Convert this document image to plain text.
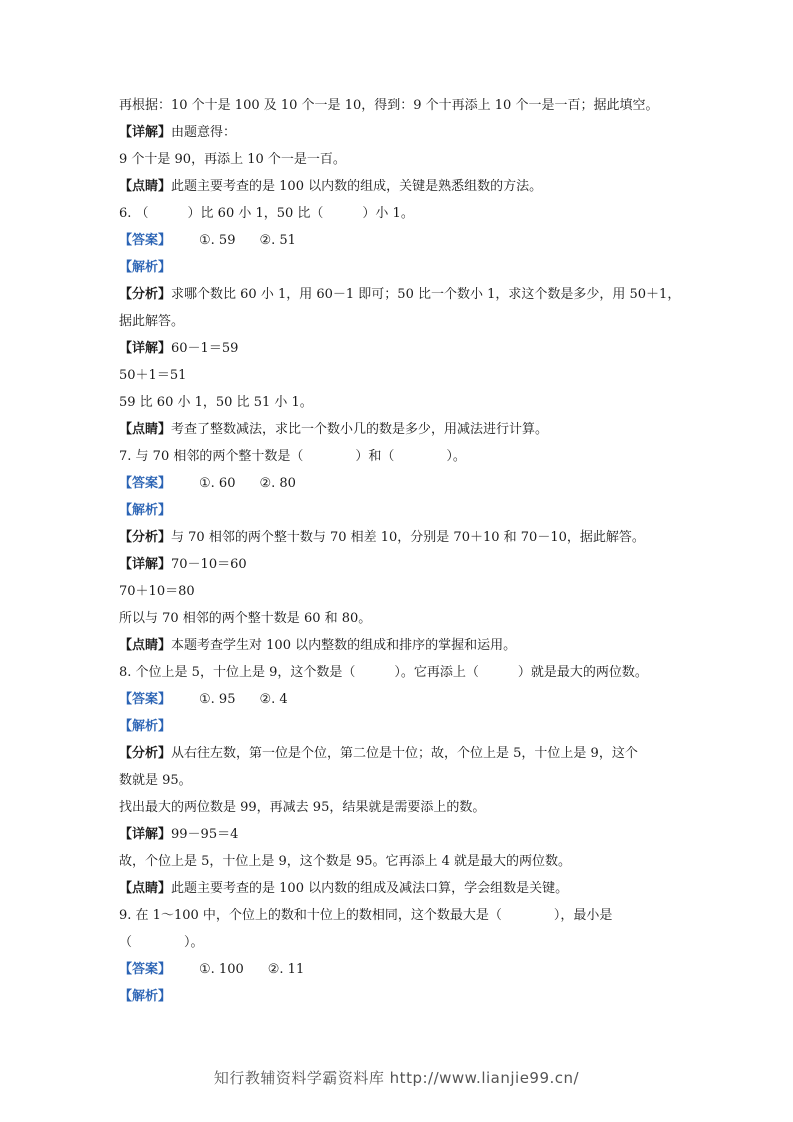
再根据：10 个十是 100 及 10 个一是 10，得到：9 个十再添上 10 个一是一百；据此填空。
【详解】由题意得：
9 个十是 90，再添上 10 个一是一百。
【点睛】此题主要考查的是 100 以内数的组成，关键是熟悉组数的方法。
6. （　　　）比 60 小 1，50 比（　　　）小 1。
【答案】 ①. 59 ②. 51
【解析】
【分析】求哪个数比 60 小 1，用 60－1 即可；50 比一个数小 1，求这个数是多少，用 50＋1，
据此解答。
【详解】60－1＝59
50＋1＝51
59 比 60 小 1，50 比 51 小 1。
【点睛】考查了整数减法，求比一个数小几的数是多少，用减法进行计算。
7. 与 70 相邻的两个整十数是（　　　　）和（　　　　）。
【答案】 ①. 60 ②. 80
【解析】
【分析】与 70 相邻的两个整十数与 70 相差 10，分别是 70＋10 和 70－10，据此解答。
【详解】70－10＝60
70＋10＝80
所以与 70 相邻的两个整十数是 60 和 80。
【点睛】本题考查学生对 100 以内整数的组成和排序的掌握和运用。
8. 个位上是 5，十位上是 9，这个数是（　　　）。它再添上（　　　）就是最大的两位数。
【答案】 ①. 95 ②. 4
【解析】
【分析】从右往左数，第一位是个位，第二位是十位；故，个位上是 5，十位上是 9，这个
数就是 95。
找出最大的两位数是 99，再减去 95，结果就是需要添上的数。
【详解】99－95＝4
故，个位上是 5，十位上是 9，这个数是 95。它再添上 4 就是最大的两位数。
【点睛】此题主要考查的是 100 以内数的组成及减法口算，学会组数是关键。
9. 在 1～100 中，个位上的数和十位上的数相同，这个数最大是（　　　　），最小是
（　　　　）。
【答案】 ①. 100 ②. 11
【解析】
知行教辅资料学霸资料库 http://www.lianjie99.cn/
